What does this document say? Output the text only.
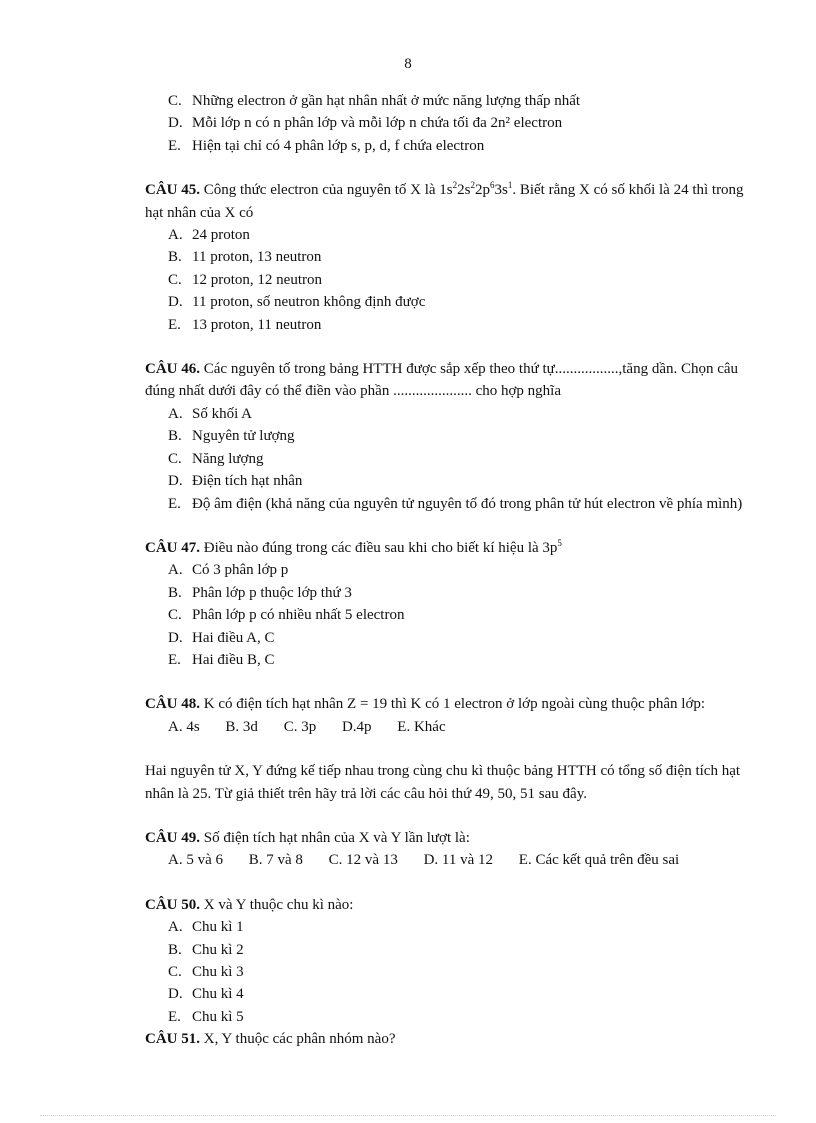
8
C. Những electron ở gần hạt nhân nhất ở mức năng lượng thấp nhất
D. Mỗi lớp n có n phân lớp và mỗi lớp n chứa tối đa 2n² electron
E. Hiện tại chỉ có 4 phân lớp s, p, d, f chứa electron

CÂU 45. Công thức electron của nguyên tố X là $1s^22s^22p^63s^1$. Biết rằng X có số khối là 24 thì trong hạt nhân của X có

A. 24 proton
B. 11 proton, 13 neutron
C. 12 proton, 12 neutron
D. 11 proton, số neutron không định được
E. 13 proton, 11 neutron

CÂU 46. Các nguyên tố trong bảng HTTH được sắp xếp theo thứ tự.................,tăng dần. Chọn câu đúng nhất dưới đây có thể điền vào phần ..................... cho hợp nghĩa

A. Số khối A
B. Nguyên tử lượng
C. Năng lượng
D. Điện tích hạt nhân
E. Độ âm điện (khả năng của nguyên tử nguyên tố đó trong phân tử hút electron về phía mình)

CÂU 47. Điều nào đúng trong các điều sau khi cho biết kí hiệu là $3p^5$

A. Có 3 phân lớp p
B. Phân lớp p thuộc lớp thứ 3
C. Phân lớp p có nhiều nhất 5 electron
D. Hai điều A, C
E. Hai điều B, C

CÂU 48. K có điện tích hạt nhân Z = 19 thì K có 1 electron ở lớp ngoài cùng thuộc phân lớp:

A. 4s B. 3d C. 3p D.4p E. Khác

Hai nguyên tử X, Y đứng kế tiếp nhau trong cùng chu kì thuộc bảng HTTH có tổng số điện tích hạt nhân là 25. Từ giả thiết trên hãy trả lời các câu hỏi thứ 49, 50, 51 sau đây.

CÂU 49. Số điện tích hạt nhân của X và Y lần lượt là:

A. 5 và 6 B. 7 và 8 C. 12 và 13 D. 11 và 12 E. Các kết quả trên đều sai

CÂU 50. X và Y thuộc chu kì nào:

A. Chu kì 1
B. Chu kì 2
C. Chu kì 3
D. Chu kì 4
E. Chu kì 5

CÂU 51. X, Y thuộc các phân nhóm nào?
